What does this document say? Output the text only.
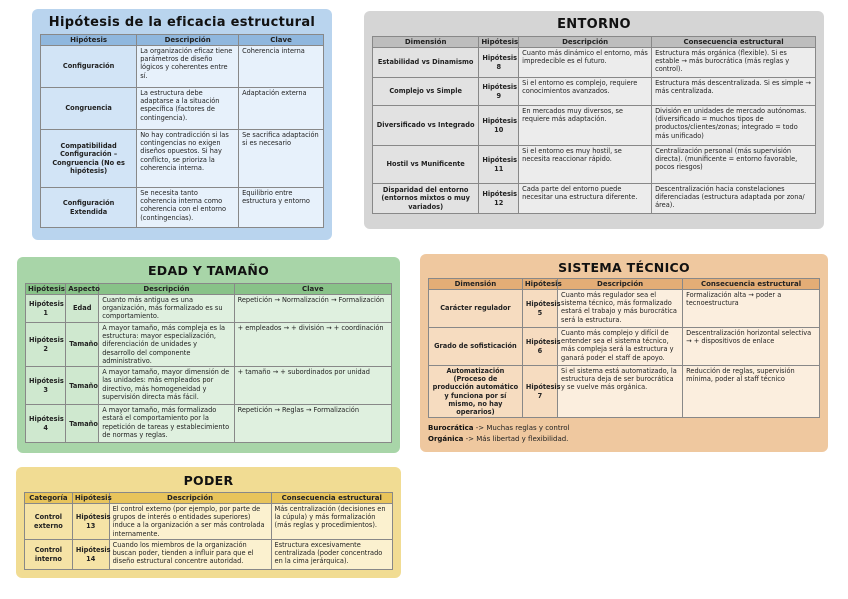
Hipótesis de la eficacia estructural
Hipótesis	Descripción	Clave
Configuración	La organización eficaz tiene parámetros de diseño lógicos y coherentes entre sí.	Coherencia interna
Congruencia	La estructura debe adaptarse a la situación específica (factores de contingencia).	Adaptación externa
Compatibilidad Configuración – Congruencia (No es hipótesis)	No hay contradicción si las contingencias no exigen diseños opuestos. Si hay conflicto, se prioriza la coherencia interna.	Se sacrifica adaptación si es necesario
Configuración Extendida	Se necesita tanto coherencia interna como coherencia con el entorno (contingencias).	Equilibrio entre estructura y entorno
ENTORNO
Dimensión	Hipótesis	Descripción	Consecuencia estructural
Estabilidad vs Dinamismo	Hipótesis 8	Cuanto más dinámico el entorno, más impredecible es el futuro.	Estructura más orgánica (flexible). Si es estable → más burocrática (más reglas y control).
Complejo vs Simple	Hipótesis 9	Si el entorno es complejo, requiere conocimientos avanzados.	Estructura más descentralizada. Si es simple → más centralizada.
Diversificado vs Integrado	Hipótesis 10	En mercados muy diversos, se requiere más adaptación.	División en unidades de mercado autónomas. (diversificado = muchos tipos de productos/clientes/zonas; integrado = todo más unificado)
Hostil vs Munificente	Hipótesis 11	Si el entorno es muy hostil, se necesita reaccionar rápido.	Centralización personal (más supervisión directa). (munificente = entorno favorable, pocos riesgos)
Disparidad del entorno (entornos mixtos o muy variados)	Hipótesis 12	Cada parte del entorno puede necesitar una estructura diferente.	Descentralización hacia constelaciones diferenciadas (estructura adaptada por zona/área).
EDAD Y TAMAÑO
Hipótesis	Aspecto	Descripción	Clave
Hipótesis 1	Edad	Cuanto más antigua es una organización, más formalizado es su comportamiento.	Repetición → Normalización → Formalización
Hipótesis 2	Tamaño	A mayor tamaño, más compleja es la estructura: mayor especialización, diferenciación de unidades y desarrollo del componente administrativo.	+ empleados → + división → + coordinación
Hipótesis 3	Tamaño	A mayor tamaño, mayor dimensión de las unidades: más empleados por directivo, más homogeneidad y supervisión directa más fácil.	+ tamaño → + subordinados por unidad
Hipótesis 4	Tamaño	A mayor tamaño, más formalizado estará el comportamiento por la repetición de tareas y establecimiento de normas y reglas.	Repetición → Reglas → Formalización
SISTEMA TÉCNICO
Dimensión	Hipótesis	Descripción	Consecuencia estructural
Carácter regulador	Hipótesis 5	Cuanto más regulador sea el sistema técnico, más formalizado estará el trabajo y más burocrática será la estructura.	Formalización alta → poder a tecnoestructura
Grado de sofisticación	Hipótesis 6	Cuanto más complejo y difícil de entender sea el sistema técnico, más compleja será la estructura y ganará poder el staff de apoyo.	Descentralización horizontal selectiva → + dispositivos de enlace
Automatización (Proceso de producción automático y funciona por sí mismo, no hay operarios)	Hipótesis 7	Si el sistema está automatizado, la estructura deja de ser burocrática y se vuelve más orgánica.	Reducción de reglas, supervisión mínima, poder al staff técnico
Burocrática -> Muchas reglas y control
Orgánica -> Más libertad y flexibilidad.
PODER
Categoría	Hipótesis	Descripción	Consecuencia estructural
Control externo	Hipótesis 13	El control externo (por ejemplo, por parte de grupos de interés o entidades superiores) induce a la organización a ser más controlada internamente.	Más centralización (decisiones en la cúpula) y más formalización (más reglas y procedimientos).
Control interno	Hipótesis 14	Cuando los miembros de la organización buscan poder, tienden a influir para que el diseño estructural concentre autoridad.	Estructura excesivamente centralizada (poder concentrado en la cima jerárquica).
